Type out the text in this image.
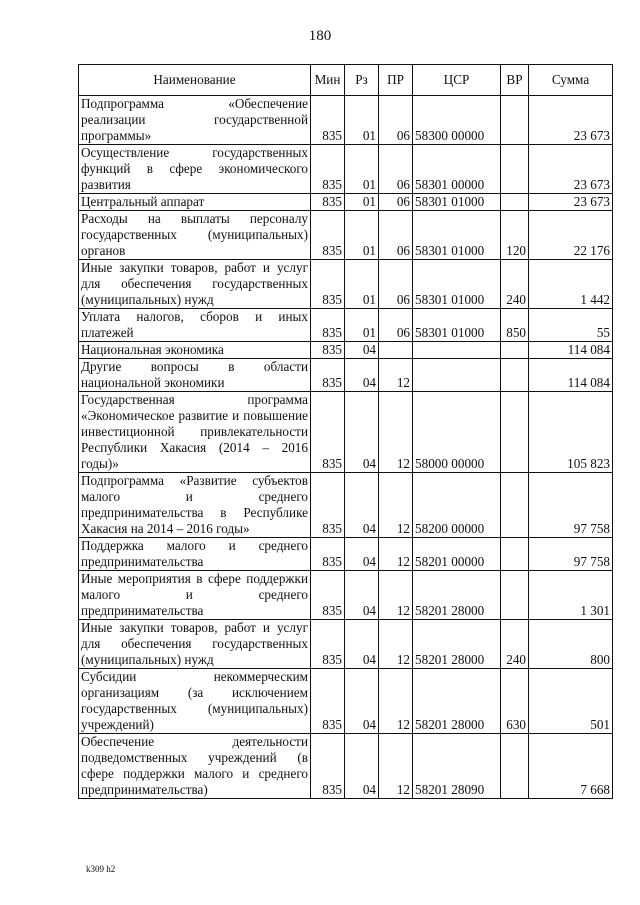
180
Наименование	Мин	Рз	ПР	ЦСР	ВР	Сумма
Подпрограмма «Обеспечение реализации государственной программы»	835	01	06	58300 00000		23 673
Осуществление государственных функций в сфере экономического развития	835	01	06	58301 00000		23 673
Центральный аппарат	835	01	06	58301 01000		23 673
Расходы на выплаты персоналу государственных (муниципальных) органов	835	01	06	58301 01000	120	22 176
Иные закупки товаров, работ и услуг для обеспечения государственных (муниципальных) нужд	835	01	06	58301 01000	240	1 442
Уплата налогов, сборов и иных платежей	835	01	06	58301 01000	850	55
Национальная экономика	835	04				114 084
Другие вопросы в области национальной экономики	835	04	12			114 084
Государственная программа «Экономическое развитие и повышение инвестиционной привлекательности Республики Хакасия (2014 – 2016 годы)»	835	04	12	58000 00000		105 823
Подпрограмма «Развитие субъектов малого и среднего предпринимательства в Республике Хакасия на 2014 – 2016 годы»	835	04	12	58200 00000		97 758
Поддержка малого и среднего предпринимательства	835	04	12	58201 00000		97 758
Иные мероприятия в сфере поддержки малого и среднего предпринимательства	835	04	12	58201 28000		1 301
Иные закупки товаров, работ и услуг для обеспечения государственных (муниципальных) нужд	835	04	12	58201 28000	240	800
Субсидии некоммерческим организациям (за исключением государственных (муниципальных) учреждений)	835	04	12	58201 28000	630	501
Обеспечение деятельности подведомственных учреждений (в сфере поддержки малого и среднего предпринимательства)	835	04	12	58201 28090		7 668
k309 h2
